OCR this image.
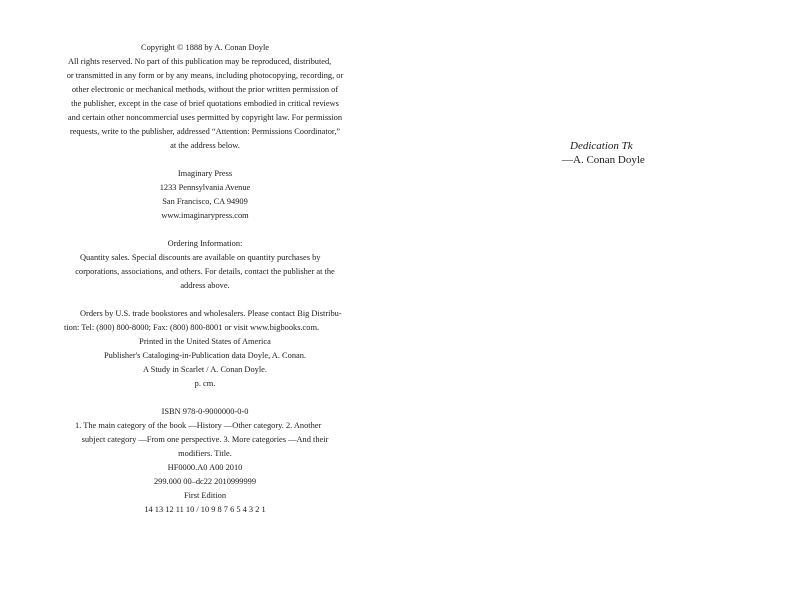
Copyright © 1888 by A. Conan Doyle
All rights reserved. No part of this publication may be reproduced, distributed,
or transmitted in any form or by any means, including photocopying, recording, or
other electronic or mechanical methods, without the prior written permission of
the publisher, except in the case of brief quotations embodied in critical reviews
and certain other noncommercial uses permitted by copyright law. For permission
requests, write to the publisher, addressed “Attention: Permissions Coordinator,”
at the address below.
Imaginary Press
1233 Pennsylvania Avenue
San Francisco, CA 94909
www.imaginarypress.com
Ordering Information:
Quantity sales. Special discounts are available on quantity purchases by
corporations, associations, and others. For details, contact the publisher at the
address above.
Orders by U.S. trade bookstores and wholesalers. Please contact Big Distribu-
tion: Tel: (800) 800-8000; Fax: (800) 800-8001 or visit www.bigbooks.com.
Printed in the United States of America
Publisher's Cataloging-in-Publication data Doyle, A. Conan.
A Study in Scarlet / A. Conan Doyle.
p. cm.
ISBN 978-0-9000000-0-0
1. The main category of the book —History —Other category. 2. Another
subject category —From one perspective. 3. More categories —And their
modifiers. Title.
HF0000.A0 A00 2010
299.000 00–dc22 2010999999
First Edition
14 13 12 11 10 / 10 9 8 7 6 5 4 3 2 1
Dedication Tk
—A. Conan Doyle
